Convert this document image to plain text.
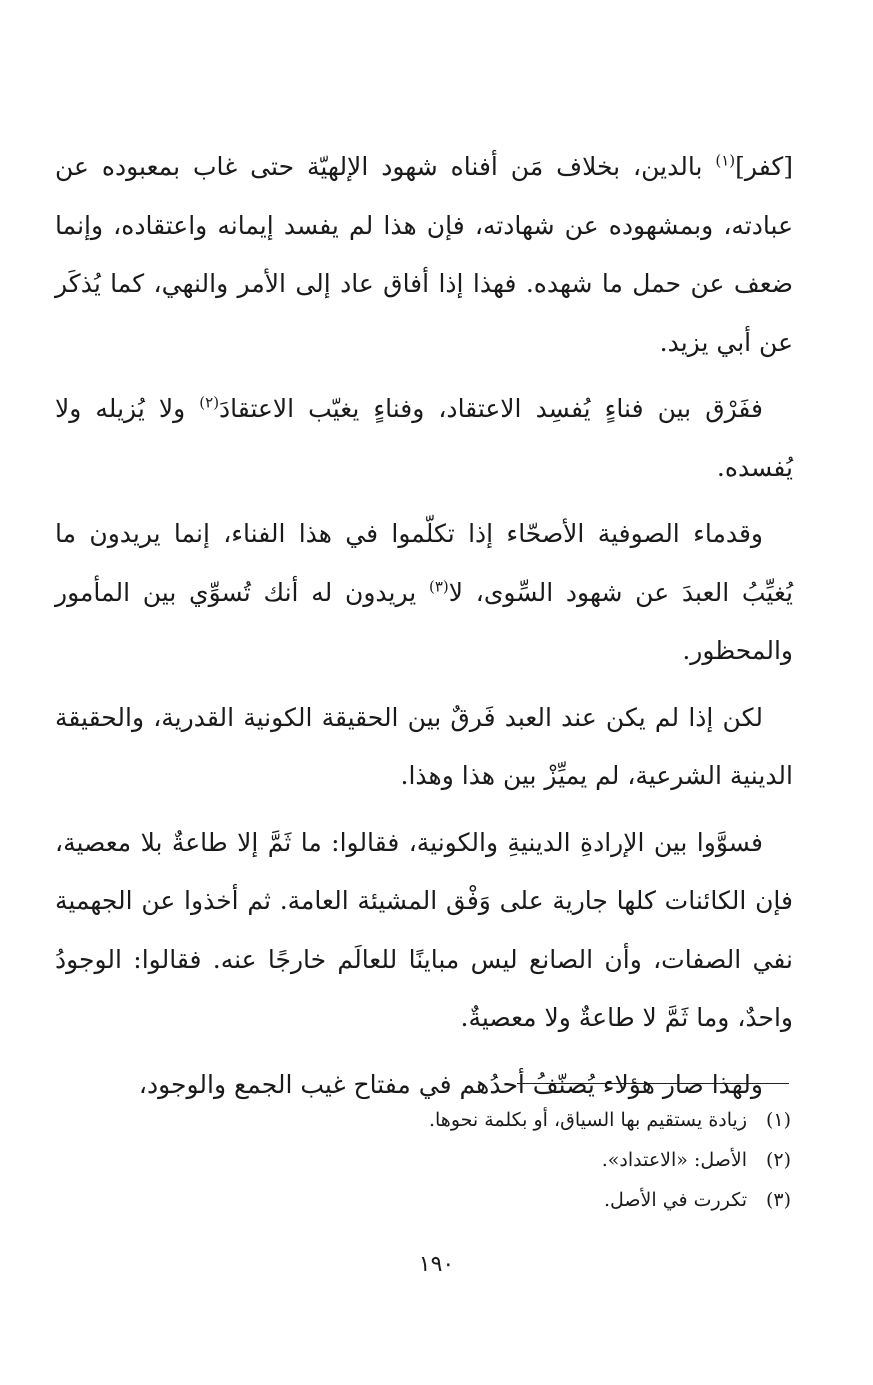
[كفر]$^{(١)}$ بالدين، بخلاف مَن أفناه شهود الإلهيّة حتى غاب بمعبوده عن عبادته، وبمشهوده عن شهادته، فإن هذا لم يفسد إيمانه واعتقاده، وإنما ضعف عن حمل ما شهده. فهذا إذا أفاق عاد إلى الأمر والنهي، كما يُذكَر عن أبي يزيد.

ففَرْق بين فناءٍ يُفسِد الاعتقاد، وفناءٍ يغيّب الاعتقادَ$^{(٢)}$ ولا يُزيله ولا يُفسده.

وقدماء الصوفية الأصحّاء إذا تكلّموا في هذا الفناء، إنما يريدون ما يُغيِّبُ العبدَ عن شهود السِّوى، لا$^{(٣)}$ يريدون له أنك تُسوِّي بين المأمور والمحظور.

لكن إذا لم يكن عند العبد فَرقٌ بين الحقيقة الكونية القدرية، والحقيقة الدينية الشرعية، لم يميِّزْ بين هذا وهذا.

فسوَّوا بين الإرادةِ الدينيةِ والكونية، فقالوا: ما ثَمَّ إلا طاعةٌ بلا معصية، فإن الكائنات كلها جارية على وَفْق المشيئة العامة. ثم أخذوا عن الجهمية نفي الصفات، وأن الصانع ليس مباينًا للعالَم خارجًا عنه. فقالوا: الوجودُ واحدٌ، وما ثَمَّ لا طاعةٌ ولا معصيةٌ.

ولهذا صار هؤلاء يُصنّفُ أحدُهم في مفتاح غيب الجمع والوجود،

(١)
زيادة يستقيم بها السياق، أو بكلمة نحوها.
(٢)
الأصل: «الاعتداد».
(٣)
تكررت في الأصل.
١٩٠
